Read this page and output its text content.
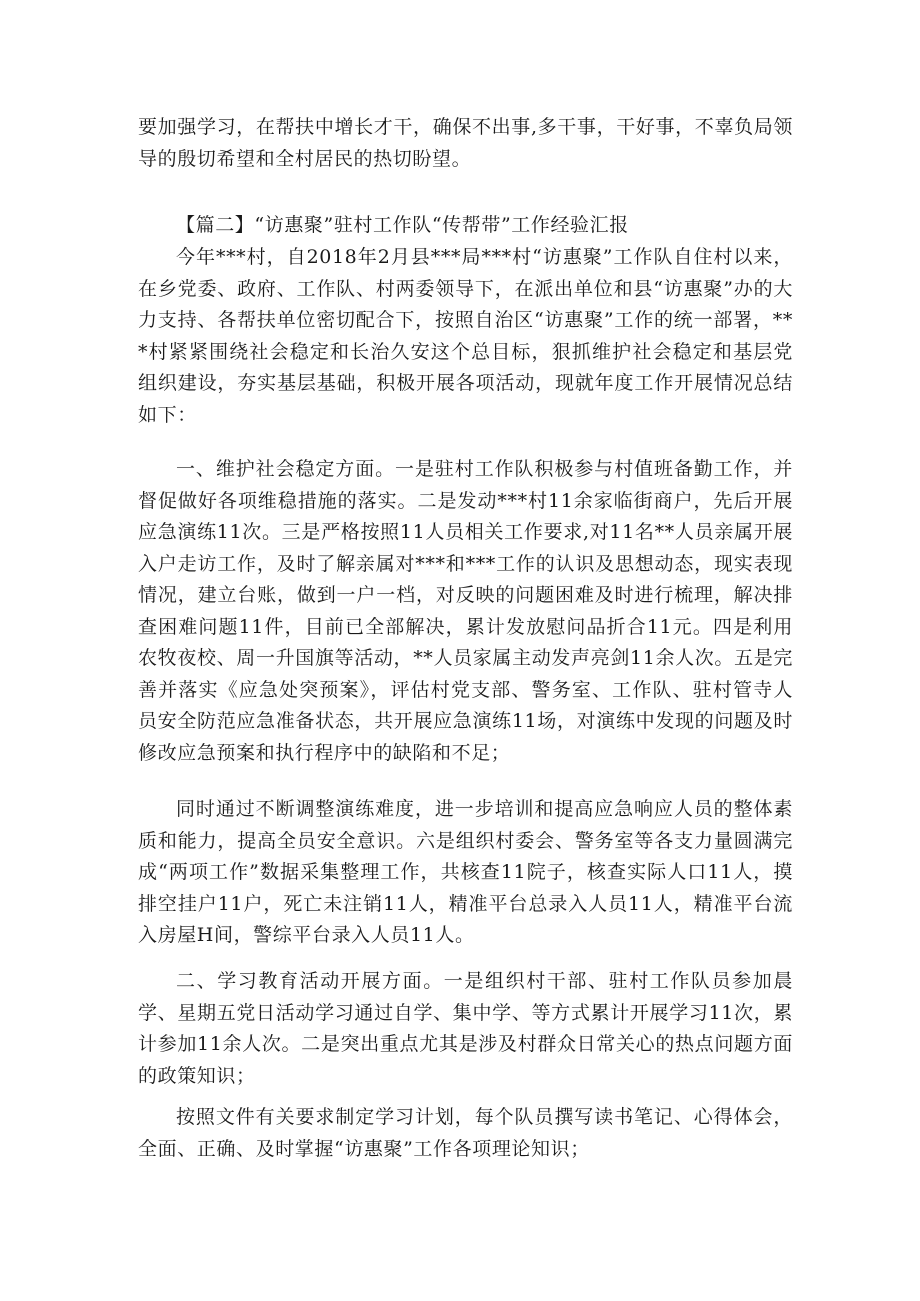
要加强学习，在帮扶中增长才干，确保不出事,多干事，干好事，不辜负局领导的殷切希望和全村居民的热切盼望。

【篇二】“访惠聚”驻村工作队“传帮带”工作经验汇报

今年***村，自2018年2月县***局***村“访惠聚”工作队自住村以来，在乡党委、政府、工作队、村两委领导下，在派出单位和县“访惠聚”办的大力支持、各帮扶单位密切配合下，按照自治区“访惠聚”工作的统一部署，***村紧紧围绕社会稳定和长治久安这个总目标，狠抓维护社会稳定和基层党组织建设，夯实基层基础，积极开展各项活动，现就年度工作开展情况总结如下：

一、维护社会稳定方面。一是驻村工作队积极参与村值班备勤工作，并督促做好各项维稳措施的落实。二是发动***村11余家临街商户，先后开展应急演练11次。三是严格按照11人员相关工作要求,对11名**人员亲属开展入户走访工作，及时了解亲属对***和***工作的认识及思想动态，现实表现情况，建立台账，做到一户一档，对反映的问题困难及时进行梳理，解决排查困难问题11件，目前已全部解决，累计发放慰问品折合11元。四是利用农牧夜校、周一升国旗等活动，**人员家属主动发声亮剑11余人次。五是完善并落实《应急处突预案》，评估村党支部、警务室、工作队、驻村管寺人员安全防范应急准备状态，共开展应急演练11场，对演练中发现的问题及时修改应急预案和执行程序中的缺陷和不足；

同时通过不断调整演练难度，进一步培训和提高应急响应人员的整体素质和能力，提高全员安全意识。六是组织村委会、警务室等各支力量圆满完成“两项工作”数据采集整理工作，共核查11院子，核查实际人口11人，摸排空挂户11户，死亡未注销11人，精准平台总录入人员11人，精准平台流入房屋H间，警综平台录入人员11人。

二、学习教育活动开展方面。一是组织村干部、驻村工作队员参加晨学、星期五党日活动学习通过自学、集中学、等方式累计开展学习11次，累计参加11余人次。二是突出重点尤其是涉及村群众日常关心的热点问题方面的政策知识；

按照文件有关要求制定学习计划，每个队员撰写读书笔记、心得体会，全面、正确、及时掌握“访惠聚”工作各项理论知识；
